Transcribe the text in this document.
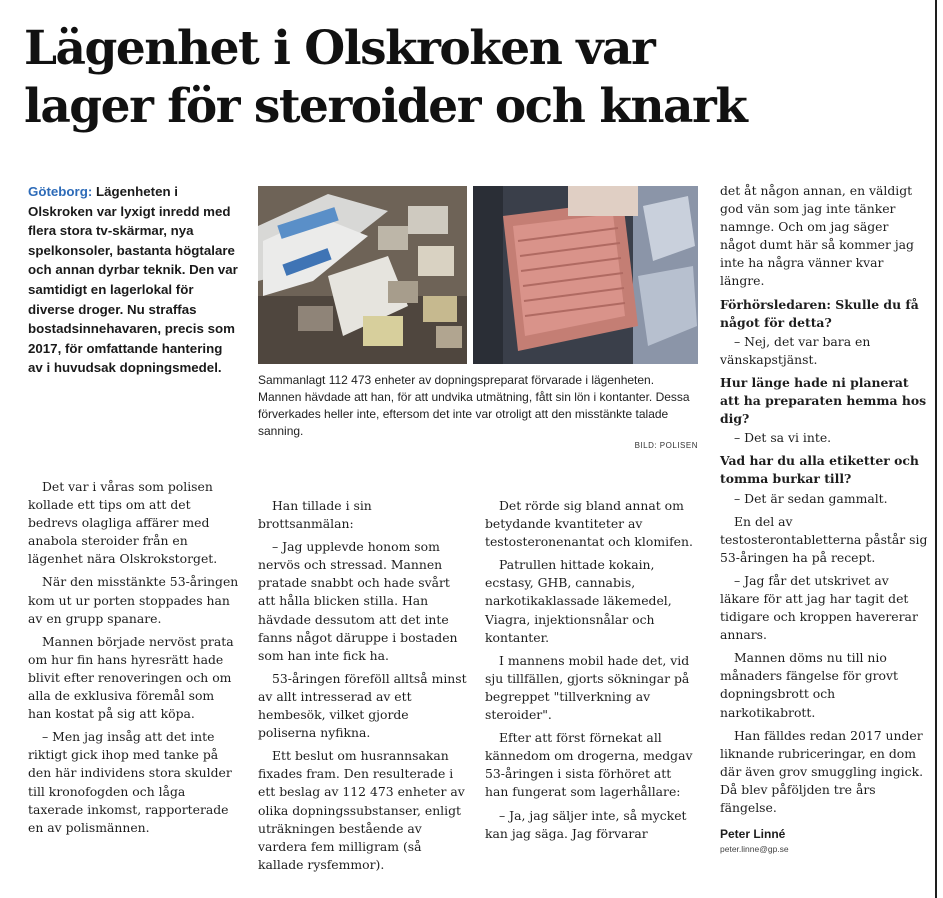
Lägenhet i Olskroken var
lager för steroider och knark
Göteborg: Lägenheten i Olskroken var lyxigt inredd med flera stora tv-skärmar, nya spelkonsoler, bastanta högtalare och annan dyrbar teknik. Den var samtidigt en lagerlokal för diverse droger. Nu straffas bostadsinnehavaren, precis som 2017, för omfattande hantering av i huvudsak dopningsmedel.
Sammanlagt 112 473 enheter av dopningspreparat förvarade i lägenheten. Mannen hävdade att han, för att undvika utmätning, fått sin lön i kontanter. Dessa förverkades heller inte, eftersom det inte var otroligt att den misstänkte talade sanning.
BILD: POLISEN

Det var i våras som polisen kollade ett tips om att det bedrevs olagliga affärer med anabola steroider från en lägenhet nära Olskrokstorget.

När den misstänkte 53-åringen kom ut ur porten stoppades han av en grupp spanare.

Mannen började nervöst prata om hur fin hans hyresrätt hade blivit efter renoveringen och om alla de exklusiva föremål som han kostat på sig att köpa.

– Men jag insåg att det inte riktigt gick ihop med tanke på den här individens stora skulder till kronofogden och låga taxerade inkomst, rapporterade en av polismännen.

Han tillade i sin brottsanmälan:

– Jag upplevde honom som nervös och stressad. Mannen pratade snabbt och hade svårt att hålla blicken stilla. Han hävdade dessutom att det inte fanns något däruppe i bostaden som han inte fick ha.

53-åringen föreföll alltså minst av allt intresserad av ett hembesök, vilket gjorde poliserna nyfikna.

Ett beslut om husrannsakan fixades fram. Den resulterade i ett beslag av 112 473 enheter av olika dopningssubstanser, enligt uträkningen bestående av vardera fem milligram (så kallade rysfemmor).

Det rörde sig bland annat om betydande kvantiteter av testosteronenantat och klomifen.

Patrullen hittade kokain, ecstasy, GHB, cannabis, narkotikaklassade läkemedel, Viagra, injektionsnålar och kontanter.

I mannens mobil hade det, vid sju tillfällen, gjorts sökningar på begreppet "tillverkning av steroider".

Efter att först förnekat all kännedom om drogerna, medgav 53-åringen i sista förhöret att han fungerat som lagerhållare:

– Ja, jag säljer inte, så mycket kan jag säga. Jag förvarar

det åt någon annan, en väldigt god vän som jag inte tänker namnge. Och om jag säger något dumt här så kommer jag inte ha några vänner kvar längre.

Förhörsledaren: Skulle du få något för detta?

– Nej, det var bara en vänskapstjänst.

Hur länge hade ni planerat att ha preparaten hemma hos dig?

– Det sa vi inte.

Vad har du alla etiketter och tomma burkar till?

– Det är sedan gammalt.

En del av testosterontabletterna påstår sig 53-åringen ha på recept.

– Jag får det utskrivet av läkare för att jag har tagit det tidigare och kroppen havererar annars.

Mannen döms nu till nio månaders fängelse för grovt dopningsbrott och narkotikabrott.

Han fälldes redan 2017 under liknande rubriceringar, en dom där även grov smuggling ingick. Då blev påföljden tre års fängelse.

Peter Linné

peter.linne@gp.se
